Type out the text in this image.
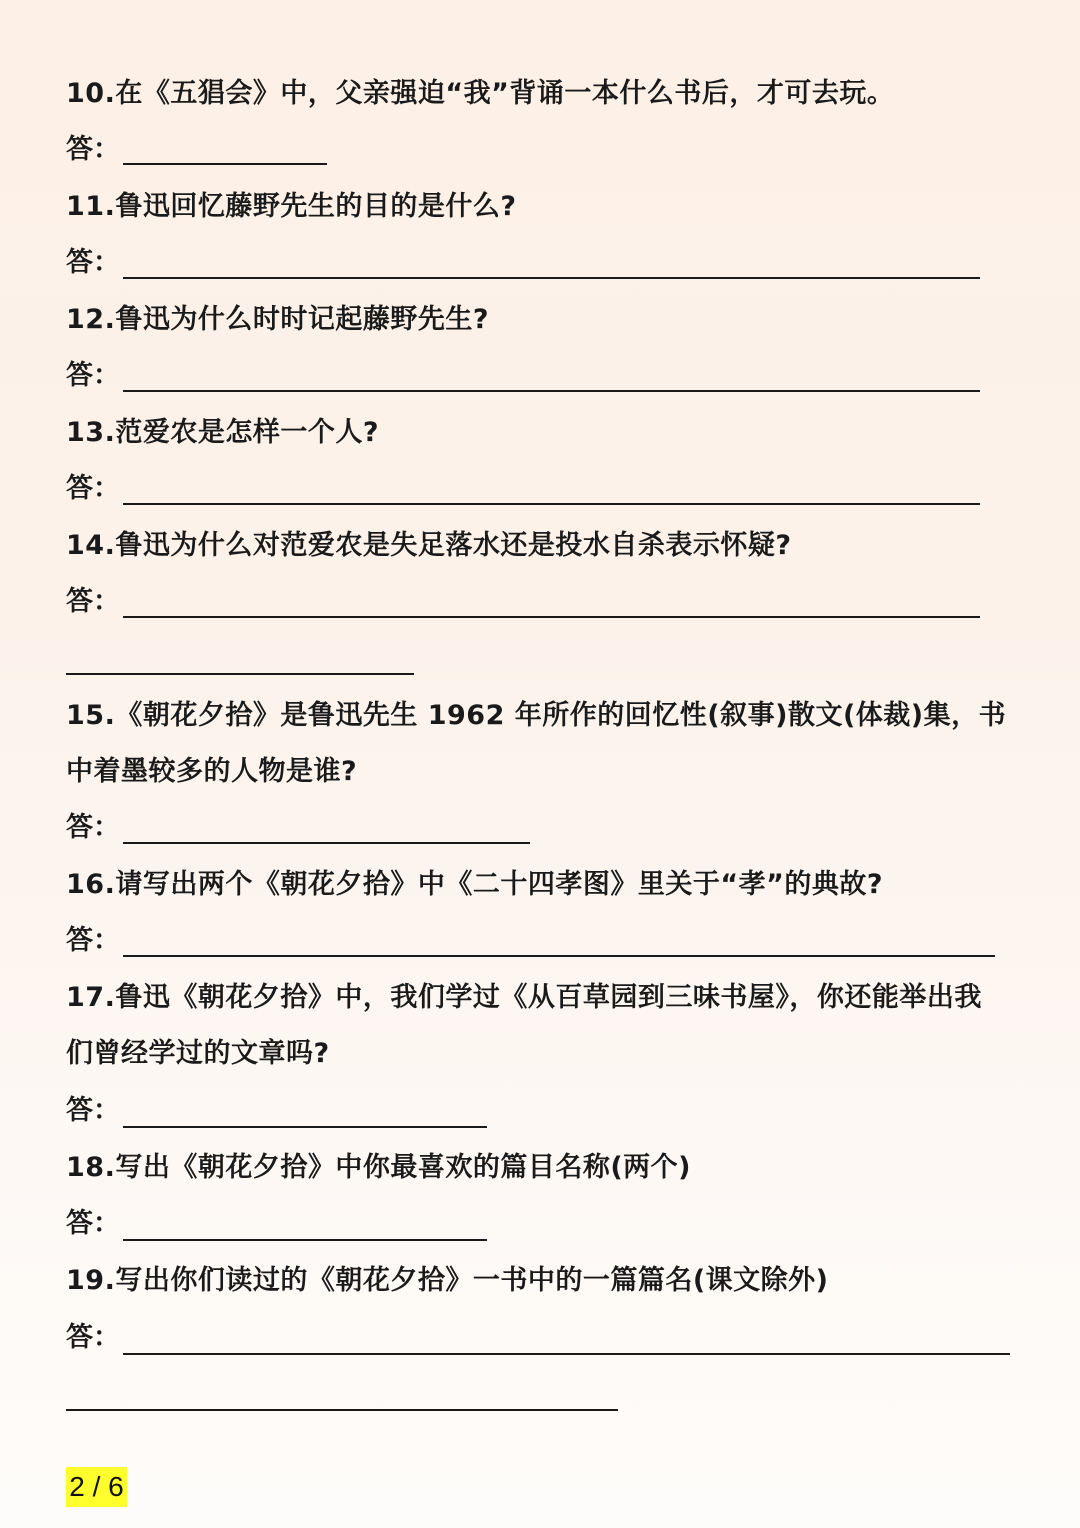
10.在《五猖会》中，父亲强迫“我”背诵一本什么书后，才可去玩。
答：
11.鲁迅回忆藤野先生的目的是什么?
答：
12.鲁迅为什么时时记起藤野先生?
答：
13.范爱农是怎样一个人?
答：
14.鲁迅为什么对范爱农是失足落水还是投水自杀表示怀疑?
答：
15.《朝花夕拾》是鲁迅先生 1962 年所作的回忆性(叙事)散文(体裁)集，书
中着墨较多的人物是谁?
答：
16.请写出两个《朝花夕拾》中《二十四孝图》里关于“孝”的典故?
答：
17.鲁迅《朝花夕拾》中，我们学过《从百草园到三味书屋》，你还能举出我
们曾经学过的文章吗?
答：
18.写出《朝花夕拾》中你最喜欢的篇目名称(两个)
答：
19.写出你们读过的《朝花夕拾》一书中的一篇篇名(课文除外)
答：
2 / 6
